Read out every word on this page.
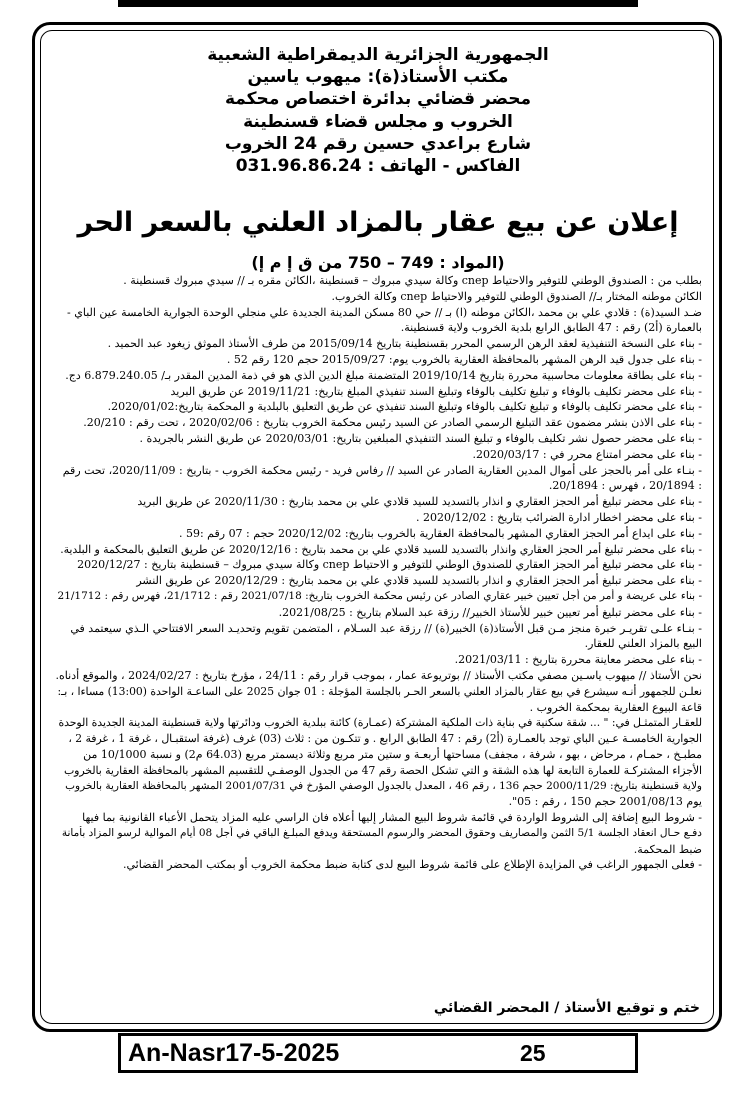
الجمهورية الجزائرية الديمقراطية الشعبية
مكتب الأستاذ(ة): ميهوب ياسين
محضر قضائي بدائرة اختصاص محكمة
الخروب و مجلس قضاء قسنطينة
شارع براعدي حسين رقم 24 الخروب
الفاكس - الهاتف : 031.96.86.24
إعلان عن بيع عقار بالمزاد العلني بالسعر الحر
(المواد : 749 – 750 من ق إ م إ)
بطلب من : الصندوق الوطني للتوفير والاحتياط cnep وكالة سيدي مبروك – قسنطينة ،الكائن مقره بـ // سيدي مبروك قسنطينة .
الكائن موطنه المختار بـ// الصندوق الوطني للتوفير والاحتياط cnep وكالة الخروب.
ضـد السيد(ة) : قلادي علي بن محمد ،الكائن موطنه (ا) بـ // حي 80 مسكن المدينة الجديدة علي منجلي الوحدة الجوارية الخامسة عين الباي -
بالعمارة (أ2) رقم : 47 الطابق الرابع بلدية الخروب ولاية قسنطينة.
- بناء على النسخة التنفيذية لعقد الرهن الرسمي المحرر بقسنطينة بتاريخ 2015/09/14 من طرف الأستاذ الموثق زيغود عبد الحميد .
- بناء على جدول قيد الرهن المشهر بالمحافظة العقارية بالخروب يوم: 2015/09/27 حجم 120 رقم 52 .
- بناء على بطاقة معلومات محاسبية محررة بتاريخ 2019/10/14 المتضمنة مبلغ الدين الذي هو في ذمة المدين المقدر بـ/ 6.879.240.05 دج.
- بناء على محضر تكليف بالوفاء و تبليغ تكليف بالوفاء وتبليغ السند تنفيذي المبلغ بتاريخ: 2019/11/21 عن طريق البريد
- بناء على محضر تكليف بالوفاء و تبليغ تكليف بالوفاء وتبليغ السند تنفيذي عن طريق التعليق بالبلدية و المحكمة بتاريخ:2020/01/02.
- بناء على الاذن بنشر مضمون عقد التبليغ الرسمي الصادر عن السيد رئيس محكمة الخروب بتاريخ : 2020/02/06 ، تحت رقم : 20/210.
- بناء على محضر حصول نشر تكليف بالوفاء و تبليغ السند التنفيذي المبلغين بتاريخ: 2020/03/01 عن طريق النشر بالجريدة .
- بناء على محضر امتناع محرر في : 2020/03/17.
- بنـاء على أمر بالحجز على أموال المدين العقارية الصادر عن السيد // رفاس فريد - رئيس محكمة الخروب - بتاريخ : 2020/11/09، تحت رقم
: 20/1894 ، فهرس : 20/1894.
- بناء على محضر تبليغ أمر الحجز العقاري و انذار بالتسديد للسيد قلادي علي بن محمد بتاريخ : 2020/11/30 عن طريق البريد
- بناء على محضر اخطار ادارة الضرائب بتاريخ : 2020/12/02 .
- بناء على ايداع أمر الحجز العقاري المشهر بالمحافظة العقارية بالخروب بتاريخ: 2020/12/02 حجم : 07 رقم :59 .
- بناء على محضر تبليغ أمر الحجز العقاري وانذار بالتسديد للسيد قلادي علي بن محمد بتاريخ : 2020/12/16 عن طريق التعليق بالمحكمة و البلدية.
- بناء على محضر تبليغ أمر الحجز العقاري للصندوق الوطني للتوفير و الاحتياط cnep وكالة سيدي مبروك – قسنطينة بتاريخ : 2020/12/27
- بناء على محضر تبليغ أمر الحجز العقاري و انذار بالتسديد للسيد قلادي علي بن محمد بتاريخ : 2020/12/29 عن طريق النشر
- بناء على عريضة و أمر من أجل تعيين خبير عقاري الصادر عن رئيس محكمة الخروب بتاريخ: 2021/07/18 رقم : 21/1712، فهرس رقم : 21/1712
- بناء على محضر تبليغ أمر تعيين خبير للأستاذ الخبير// رزقة عبد السلام بتاريخ : 2021/08/25.
- بنـاء علـى تقريـر خبرة منجز مـن قبل الأستاذ(ة) الخبير(ة) // رزقة عبد السـلام ، المتضمن تقويم وتحديـد السعر الافتتاحي الـذي سيعتمد في
البيع بالمزاد العلني للعقار.
- بناء على محضر معاينة محررة بتاريخ : 2021/03/11.
نحن الأستاذ // ميهوب ياسـين مصفي مكتب الأستاذ // بوتريوعة عمار ، بموجب قرار رقم : 24/11 ، مؤرخ بتاريخ : 2024/02/27 ، والموقع أدناه.
نعلـن للجمهور أنـه سيشرع في بيع عقار بالمزاد العلني بالسعر الحـر بالجلسة المؤجلة : 01 جوان 2025 على الساعـة الواحدة (13:00) مساءا ، بـ:
قاعة البيوع العقارية بمحكمة الخروب .
للعقـار المتمثـل في: " ... شقة سكنية في بناية ذات الملكية المشتركة (عمـارة) كائنة ببلدية الخروب ودائرتها ولاية قسنطينة المدينة الجديدة الوحدة
الجوارية الخامسـة عـين الباي توجد بالعمـارة (أ2) رقم : 47 الطابق الرابع . و تتكـون من : ثلاث (03) غرف (غرفة استقبـال ، غرفة 1 ، غرفة 2 ،
مطبـخ ، حمـام ، مرحاض ، بهو ، شرفة ، مجفف) مساحتها أربعـة و ستين متر مربع وثلاثة ديسمتر مربع (64.03 م2) و نسبة 10/1000 من
الأجزاء المشتركـة للعمارة التابعة لها هذه الشقة و التي تشكل الحصة رقم 47 من الجدول الوصفـي للتقسيم المشهر بالمحافظة العقارية بالخروب
ولاية قسنطينة بتاريخ: 2000/11/29 حجم 136 ، رقم 46 ، المعدل بالجدول الوصفي المؤرخ في 2001/07/31 المشهر بالمحافظة العقارية بالخروب
يوم 2001/08/13 حجم 150 ، رقم : 05".
- شروط البيع إضافة إلى الشروط الواردة في قائمة شروط البيع المشار إليها أعلاه فان الراسي عليه المزاد يتحمل الأعباء القانونية بما فيها
دفـع حـال انعقاد الجلسة 5/1 الثمن والمصاريف وحقوق المحضر والرسوم المستحقة ويدفع المبلـغ الباقي في أجل 08 أيام الموالية لرسو المزاد بأمانة
ضبط المحكمة.
- فعلى الجمهور الراغب في المزايدة الإطلاع على قائمة شروط البيع لدى كتابة ضبط محكمة الخروب أو بمكتب المحضر القضائي.
ختم و توقيع الأستاذ / المحضر القضائي
An-Nasr17-5-2025	25
